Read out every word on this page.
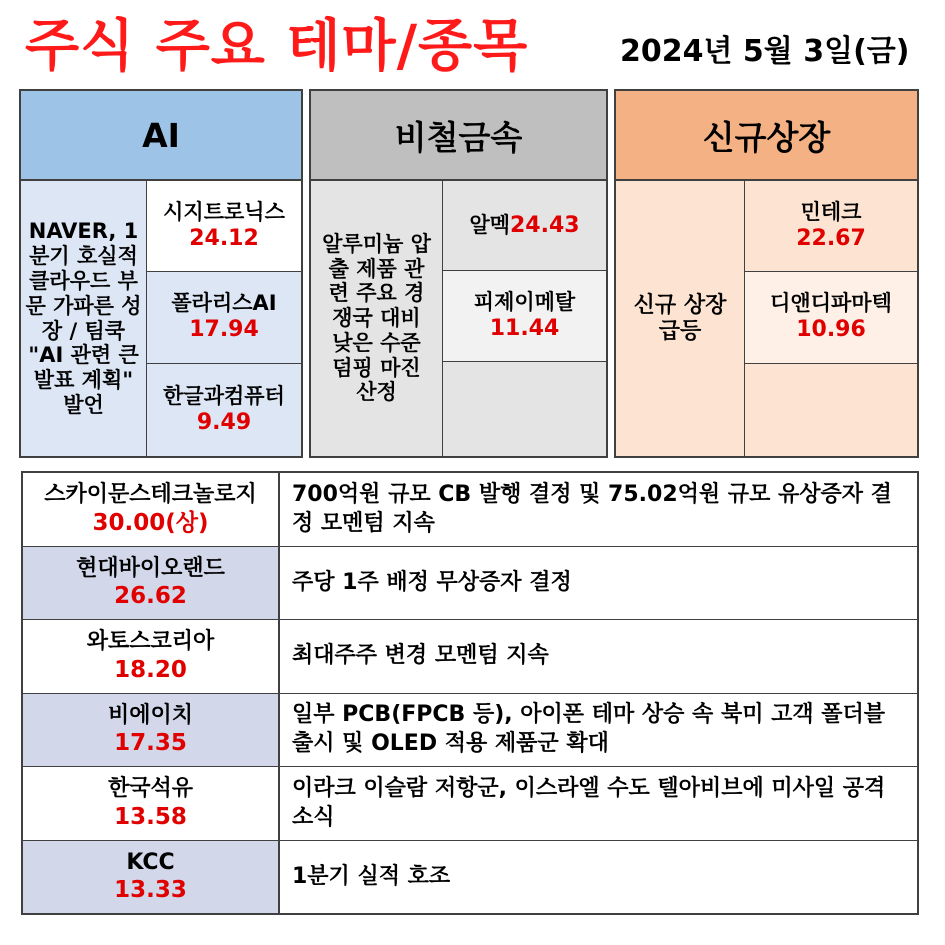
주식 주요 테마/종목	2024년 5월 3일(금)
AI
NAVER, 1분기 호실적 클라우드 부문 가파른 성장 / 팀쿡 "AI 관련 큰 발표 계획" 발언
시지트로닉스
24.12
폴라리스AI
17.94
한글과컴퓨터
9.49
비철금속
알루미늄 압출 제품 관련 주요 경쟁국 대비 낮은 수준 덤핑 마진 산정
알멕 24.43
피제이메탈
11.44
신규상장
신규 상장 급등
민테크
22.67
디앤디파마텍
10.96
스카이문스테크놀로지
30.00(상)
700억원 규모 CB 발행 결정 및 75.02억원 규모 유상증자 결정 모멘텀 지속
현대바이오랜드
26.62
주당 1주 배정 무상증자 결정
와토스코리아
18.20
최대주주 변경 모멘텀 지속
비에이치
17.35
일부 PCB(FPCB 등), 아이폰 테마 상승 속 북미 고객 폴더블 출시 및 OLED 적용 제품군 확대
한국석유
13.58
이라크 이슬람 저항군, 이스라엘 수도 텔아비브에 미사일 공격 소식
KCC
13.33
1분기 실적 호조
